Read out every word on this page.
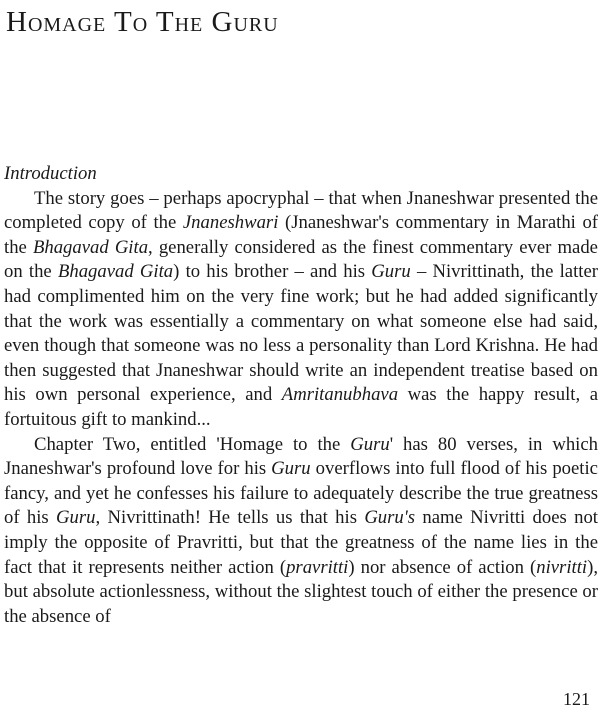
Homage To The Guru

Introduction

The story goes – perhaps apocryphal – that when Jnaneshwar presented the completed copy of the Jnaneshwari (Jnaneshwar's commentary in Marathi of the Bhagavad Gita, generally considered as the finest commentary ever made on the Bhagavad Gita) to his brother – and his Guru – Nivrittinath, the latter had complimented him on the very fine work; but he had added significantly that the work was essentially a commentary on what someone else had said, even though that someone was no less a personality than Lord Krishna. He had then suggested that Jnaneshwar should write an independent treatise based on his own personal experience, and Amritanubhava was the happy result, a fortuitous gift to mankind...

Chapter Two, entitled 'Homage to the Guru' has 80 verses, in which Jnaneshwar's profound love for his Guru overflows into full flood of his poetic fancy, and yet he confesses his failure to adequately describe the true greatness of his Guru, Nivrittinath! He tells us that his Guru's name Nivritti does not imply the opposite of Pravritti, but that the greatness of the name lies in the fact that it represents neither action (pravritti) nor absence of action (nivritti), but absolute actionlessness, without the slightest touch of either the presence or the absence of

121
